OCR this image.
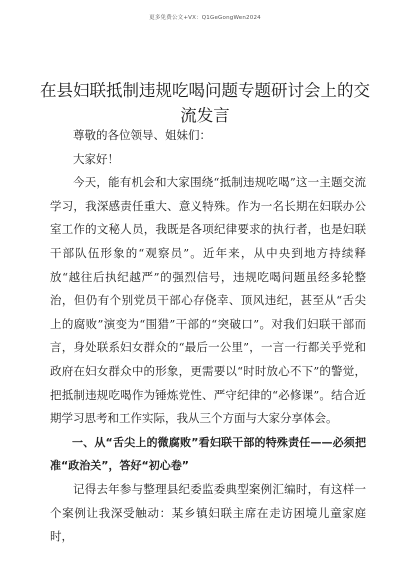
更多免费公文+VX：Q1GeGongWen2024
在县妇联抵制违规吃喝问题专题研讨会上的交流发言

尊敬的各位领导、姐妹们：

大家好！

今天，能有机会和大家围绕“抵制违规吃喝”这一主题交流学习，我深感责任重大、意义特殊。作为一名长期在妇联办公室工作的文秘人员，我既是各项纪律要求的执行者，也是妇联干部队伍形象的“观察员”。近年来，从中央到地方持续释放“越往后执纪越严”的强烈信号，违规吃喝问题虽经多轮整治，但仍有个别党员干部心存侥幸、顶风违纪，甚至从“舌尖上的腐败”演变为“围猎”干部的“突破口”。对我们妇联干部而言，身处联系妇女群众的“最后一公里”，一言一行都关乎党和政府在妇女群众中的形象，更需要以“时时放心不下”的警觉，把抵制违规吃喝作为锤炼党性、严守纪律的“必修课”。结合近期学习思考和工作实际，我从三个方面与大家分享体会。

一、从“舌尖上的微腐败”看妇联干部的特殊责任——必须把准“政治关”，答好“初心卷”

记得去年参与整理县纪委监委典型案例汇编时，有这样一个案例让我深受触动：某乡镇妇联主席在走访困境儿童家庭时，
